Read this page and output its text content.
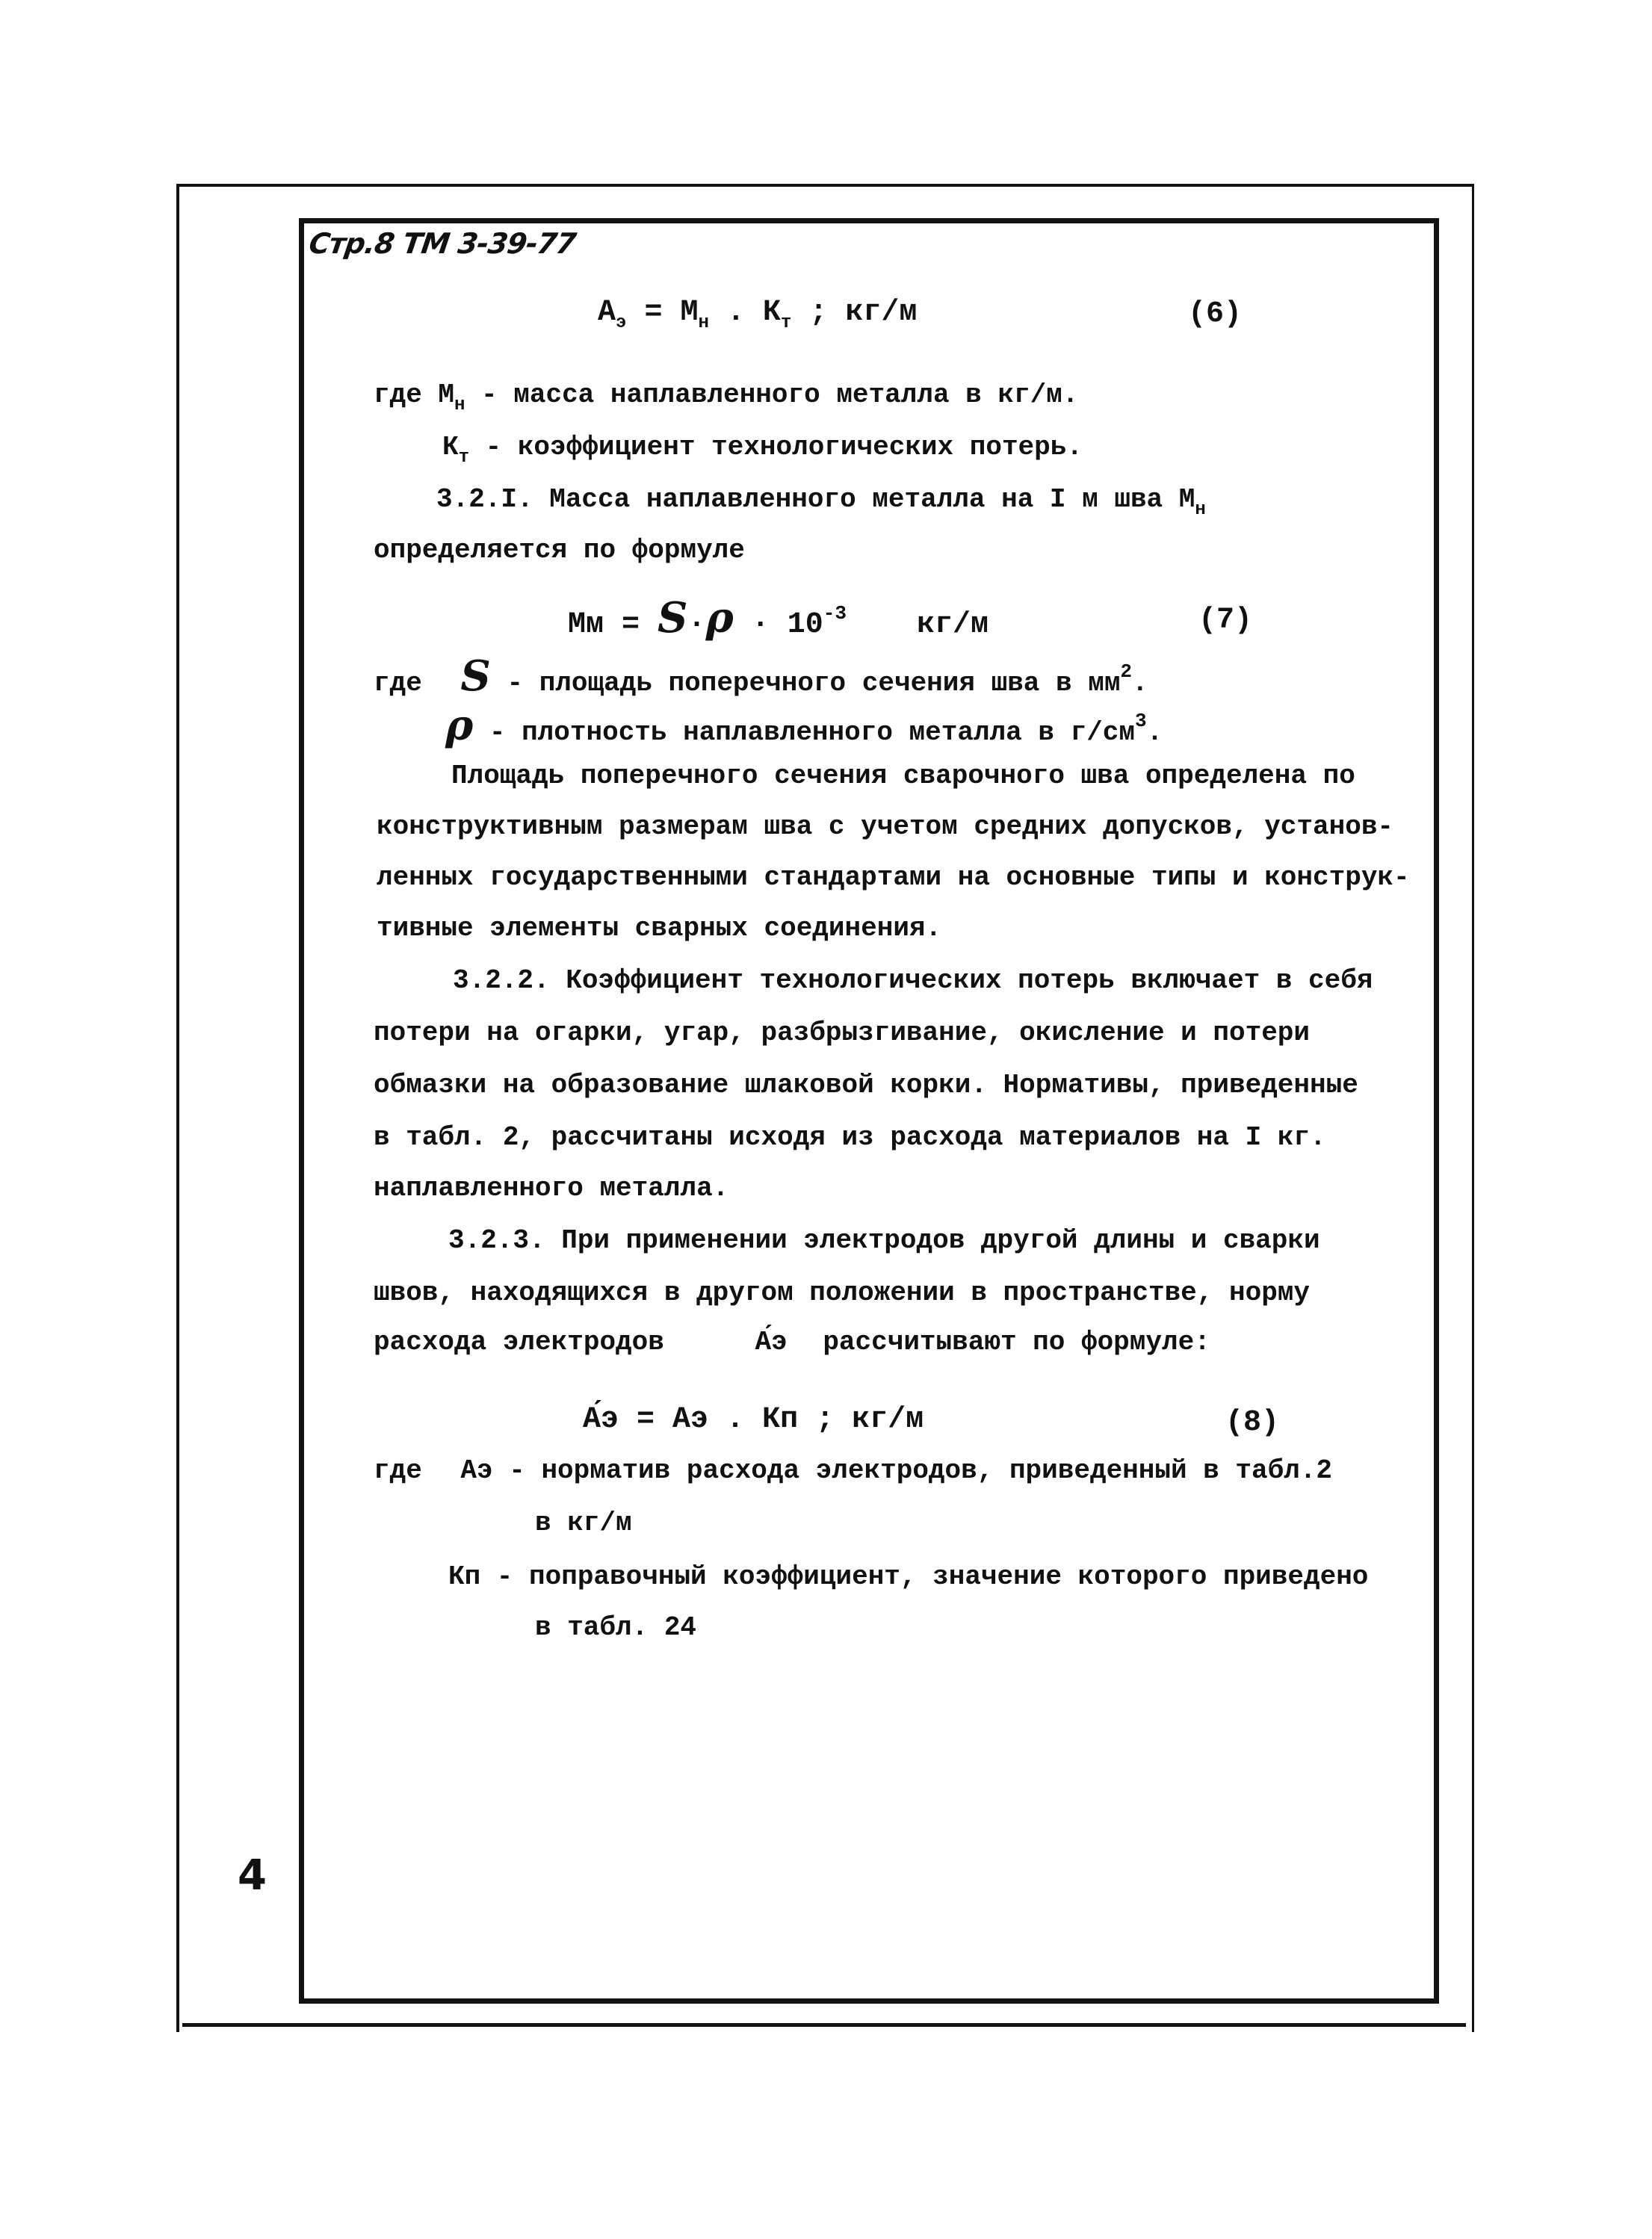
Стр.8 ТМ 3-39-77
$А_э = М_н$ . $К_т$ ; кг/м	(6)
где $М_н$ - масса наплавленного металла в кг/м.
$К_т$ - коэффициент технологических потерь.
3.2.I. Масса наплавленного металла на I м шва $М_н$
определяется по формуле
Мм = $S\cdot\rho \cdot 10^{-3}$ кг/м	(7)
где S - площадь поперечного сечения шва в $мм^2$.
ρ - плотность наплавленного металла в $г/см^3$.
Площадь поперечного сечения сварочного шва определена по
конструктивным размерам шва с учетом средних допусков, установ-
ленных государственными стандартами на основные типы и конструк-
тивные элементы сварных соединения.
3.2.2. Коэффициент технологических потерь включает в себя
потери на огарки, угар, разбрызгивание, окисление и потери
обмазки на образование шлаковой корки. Нормативы, приведенные
в табл. 2, рассчитаны исходя из расхода материалов на I кг.
наплавленного металла.
3.2.3. При применении электродов другой длины и сварки
швов, находящихся в другом положении в пространстве, норму
расхода электродов	А́э рассчитывают по формуле:
А́э = Аэ . Кп ; кг/м	(8)
где Аэ - норматив расхода электродов, приведенный в табл.2
в кг/м
Кп - поправочный коэффициент, значение которого приведено
в табл. 24
4
